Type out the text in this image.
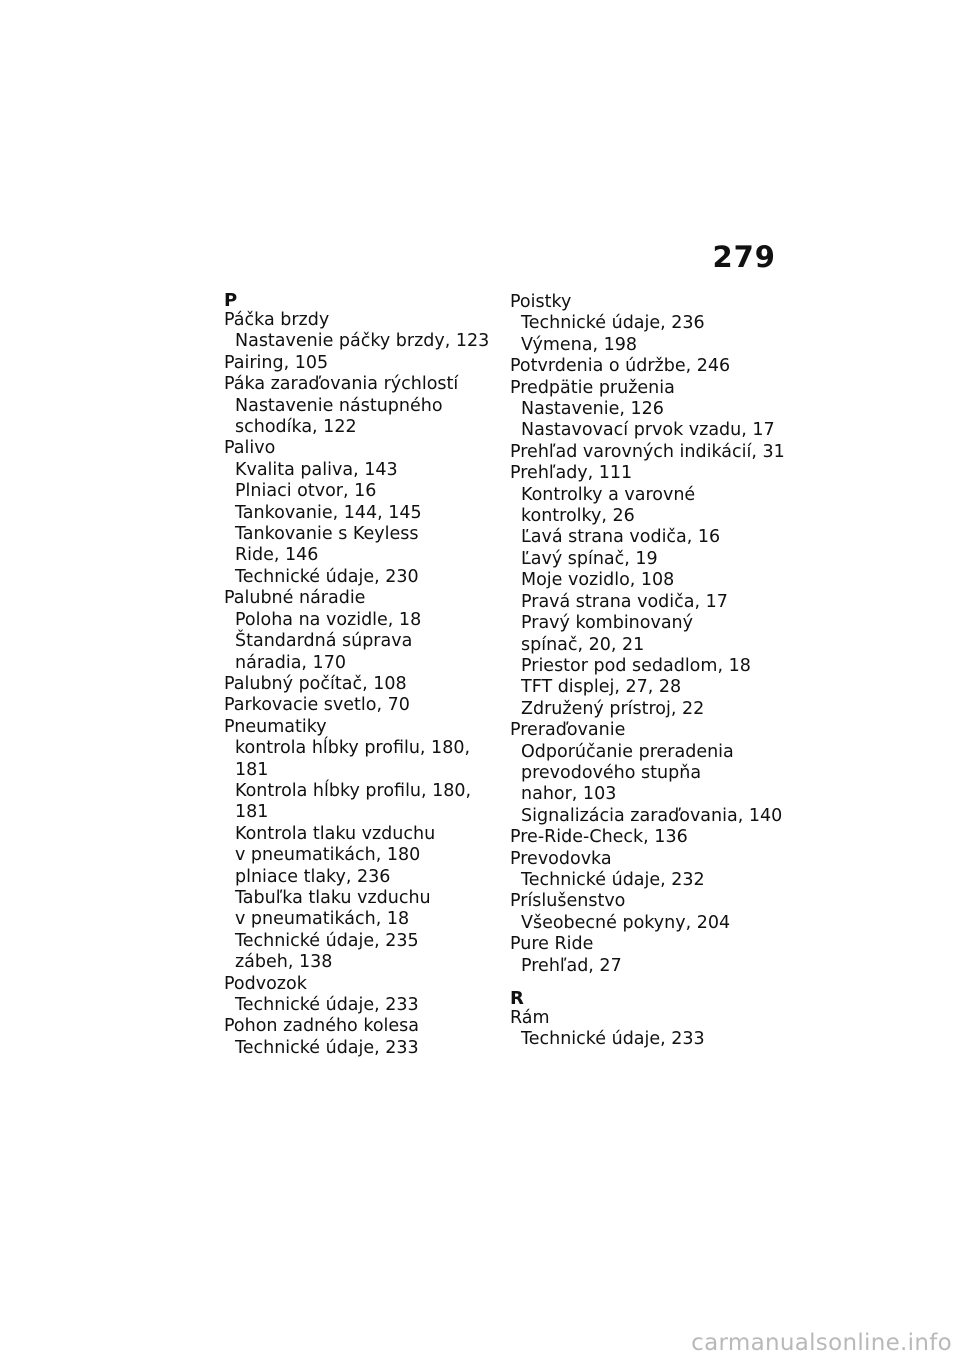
279
P
Páčka brzdy
Nastavenie páčky brzdy, 123
Pairing, 105
Páka zaraďovania rýchlostí
Nastavenie nástupného
schodíka, 122
Palivo
Kvalita paliva, 143
Plniaci otvor, 16
Tankovanie, 144, 145
Tankovanie s Keyless
Ride, 146
Technické údaje, 230
Palubné náradie
Poloha na vozidle, 18
Štandardná súprava
náradia, 170
Palubný počítač, 108
Parkovacie svetlo, 70
Pneumatiky
kontrola hĺbky profilu, 180,
181
Kontrola hĺbky profilu, 180,
181
Kontrola tlaku vzduchu
v pneumatikách, 180
plniace tlaky, 236
Tabuľka tlaku vzduchu
v pneumatikách, 18
Technické údaje, 235
zábeh, 138
Podvozok
Technické údaje, 233
Pohon zadného kolesa
Technické údaje, 233
Poistky
Technické údaje, 236
Výmena, 198
Potvrdenia o údržbe, 246
Predpätie pruženia
Nastavenie, 126
Nastavovací prvok vzadu, 17
Prehľad varovných indikácií, 31
Prehľady, 111
Kontrolky a varovné
kontrolky, 26
Ľavá strana vodiča, 16
Ľavý spínač, 19
Moje vozidlo, 108
Pravá strana vodiča, 17
Pravý kombinovaný
spínač, 20, 21
Priestor pod sedadlom, 18
TFT displej, 27, 28
Združený prístroj, 22
Preraďovanie
Odporúčanie preradenia
prevodového stupňa
nahor, 103
Signalizácia zaraďovania, 140
Pre-Ride-Check, 136
Prevodovka
Technické údaje, 232
Príslušenstvo
Všeobecné pokyny, 204
Pure Ride
Prehľad, 27
R
Rám
Technické údaje, 233
carmanualsonline.info
